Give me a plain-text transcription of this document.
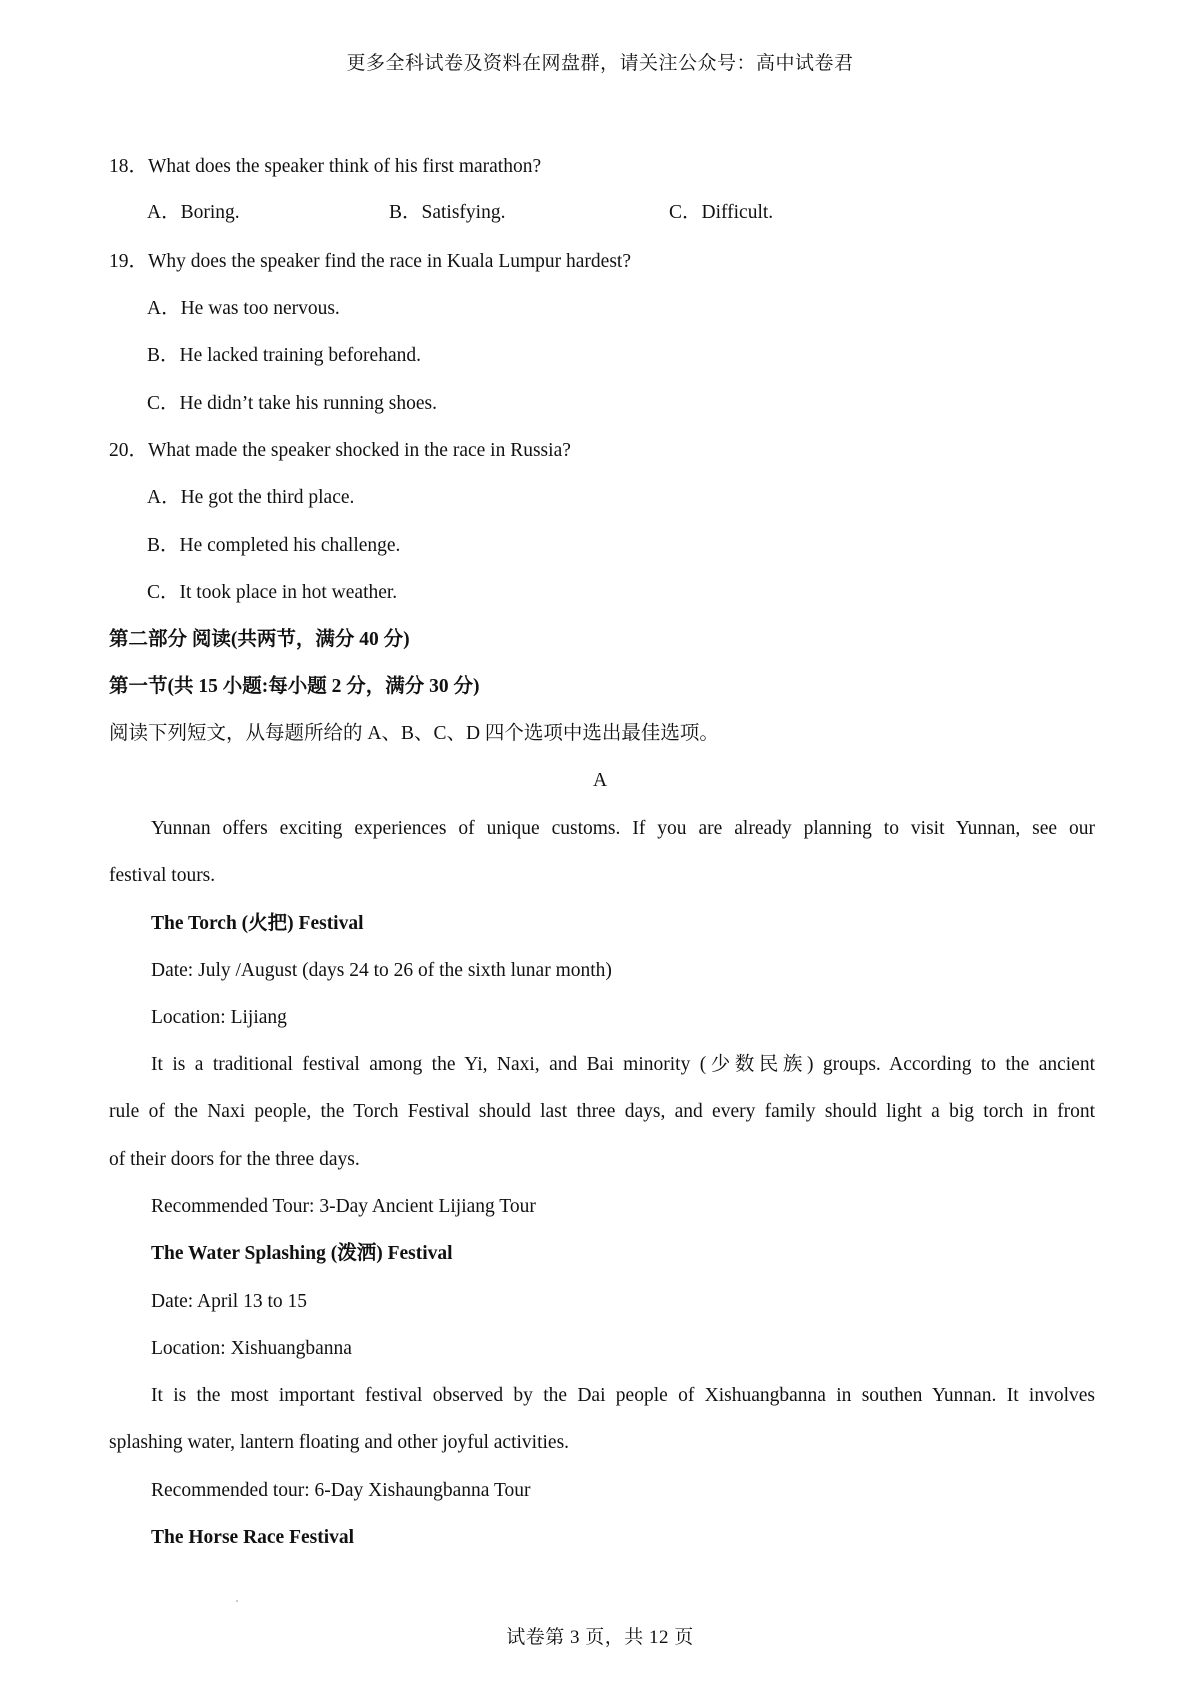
更多全科试卷及资料在网盘群，请关注公众号：高中试卷君
18．What does the speaker think of his first marathon?
A．Boring.	B．Satisfying.	C．Difficult.
19．Why does the speaker find the race in Kuala Lumpur hardest?
A．He was too nervous.
B．He lacked training beforehand.
C．He didn’t take his running shoes.
20．What made the speaker shocked in the race in Russia?
A．He got the third place.
B．He completed his challenge.
C．It took place in hot weather.
第二部分 阅读(共两节，满分 40 分)
第一节(共 15 小题:每小题 2 分，满分 30 分)
阅读下列短文，从每题所给的 A、B、C、D 四个选项中选出最佳选项。
A
Yunnan offers exciting experiences of unique customs. If you are already planning to visit Yunnan, see our
festival tours.
The Torch (火把) Festival
Date: July /August (days 24 to 26 of the sixth lunar month)
Location: Lijiang
It is a traditional festival among the Yi, Naxi, and Bai minority (少数民族) groups. According to the ancient
rule of the Naxi people, the Torch Festival should last three days, and every family should light a big torch in front
of their doors for the three days.
Recommended Tour: 3-Day Ancient Lijiang Tour
The Water Splashing (泼洒) Festival
Date: April 13 to 15
Location: Xishuangbanna
It is the most important festival observed by the Dai people of Xishuangbanna in southen Yunnan. It involves
splashing water, lantern floating and other joyful activities.
Recommended tour: 6-Day Xishaungbanna Tour
The Horse Race Festival
试卷第 3 页，共 12 页
